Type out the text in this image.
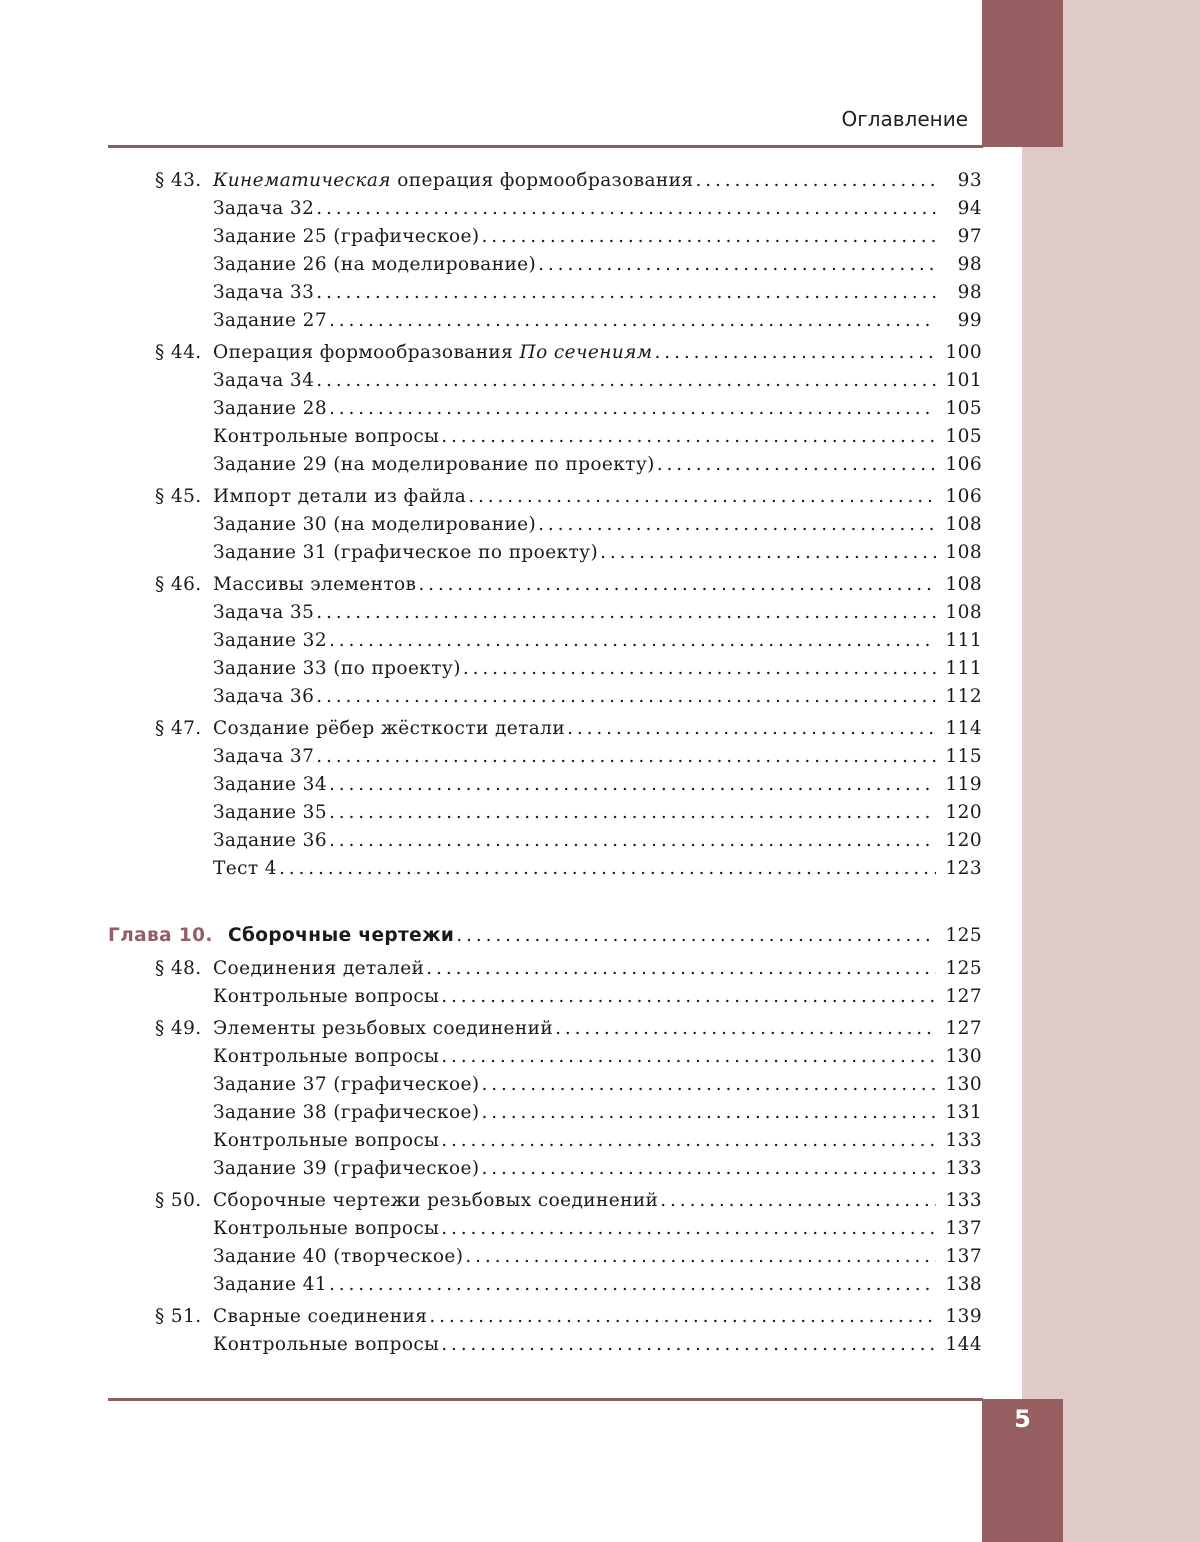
5
Оглавление
§ 43. Кинематическая операция формообразования . . .	93
Задача 32 . . .	94
Задание 25 (графическое) . . .	97
Задание 26 (на моделирование) . . .	98
Задача 33 . . .	98
Задание 27 . . .	99
§ 44. Операция формообразования По сечениям . . .	100
Задача 34 . . .	101
Задание 28 . . .	105
Контрольные вопросы . . .	105
Задание 29 (на моделирование по проекту) . . .	106
§ 45. Импорт детали из файла . . .	106
Задание 30 (на моделирование) . . .	108
Задание 31 (графическое по проекту) . . .	108
§ 46. Массивы элементов . . .	108
Задача 35 . . .	108
Задание 32 . . .	111
Задание 33 (по проекту) . . .	111
Задача 36 . . .	112
§ 47. Создание рёбер жёсткости детали . . .	114
Задача 37 . . .	115
Задание 34 . . .	119
Задание 35 . . .	120
Задание 36 . . .	120
Тест 4 . . .	123
Глава 10. Сборочные чертежи . . .	125
§ 48. Соединения деталей . . .	125
Контрольные вопросы . . .	127
§ 49. Элементы резьбовых соединений . . .	127
Контрольные вопросы . . .	130
Задание 37 (графическое) . . .	130
Задание 38 (графическое) . . .	131
Контрольные вопросы . . .	133
Задание 39 (графическое) . . .	133
§ 50. Сборочные чертежи резьбовых соединений . . .	133
Контрольные вопросы . . .	137
Задание 40 (творческое) . . .	137
Задание 41 . . .	138
§ 51. Сварные соединения . . .	139
Контрольные вопросы . . .	144
